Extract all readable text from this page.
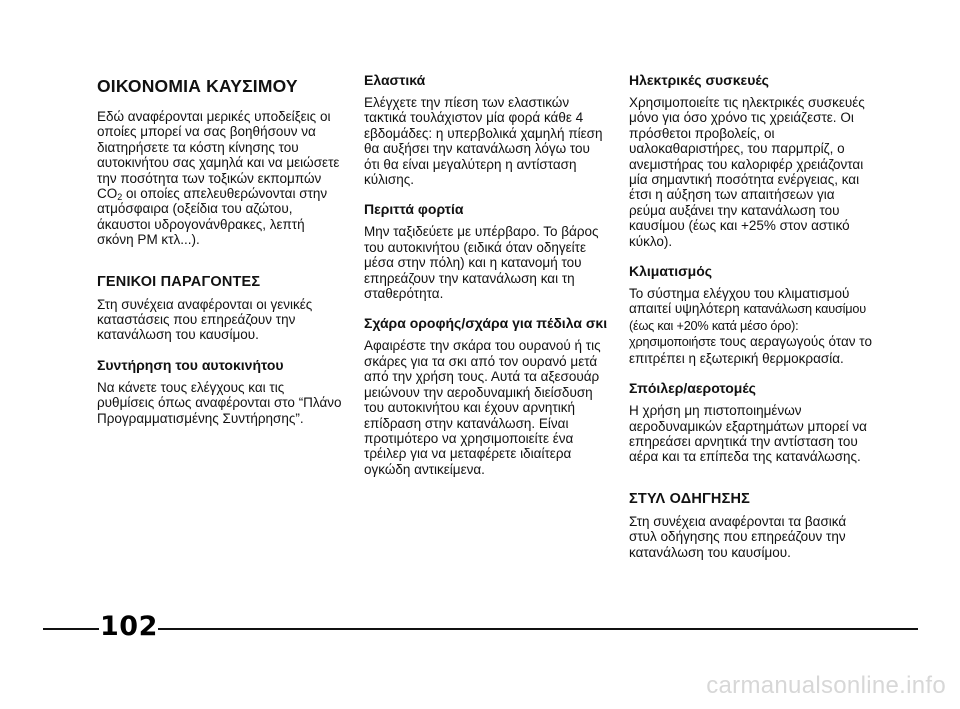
ΟΙΚΟΝΟΜΙΑ ΚΑΥΣΙΜΟΥ

Εδώ αναφέρονται μερικές υποδείξεις οι οποίες μπορεί να σας βοηθήσουν να διατηρήσετε τα κόστη κίνησης του αυτοκινήτου σας χαμηλά και να μειώσετε την ποσότητα των τοξικών εκπομπών $CO_2$ οι οποίες απελευθερώνονται στην ατμόσφαιρα (οξείδια του αζώτου, άκαυστοι υδρογονάνθρακες, λεπτή σκόνη PM κτλ...).

ΓΕΝΙΚΟΙ ΠΑΡΑΓΟΝΤΕΣ

Στη συνέχεια αναφέρονται οι γενικές καταστάσεις που επηρεάζουν την κατανάλωση του καυσίμου.

Συντήρηση του αυτοκινήτου

Να κάνετε τους ελέγχους και τις ρυθμίσεις όπως αναφέρονται στο “Πλάνο Προγραμματισμένης Συντήρησης”.

Ελαστικά

Ελέγχετε την πίεση των ελαστικών τακτικά τουλάχιστον μία φορά κάθε 4 εβδομάδες: η υπερβολικά χαμηλή πίεση θα αυξήσει την κατανάλωση λόγω του ότι θα είναι μεγαλύτερη η αντίσταση κύλισης.

Περιττά φορτία

Μην ταξιδεύετε με υπέρβαρο. Το βάρος του αυτοκινήτου (ειδικά όταν οδηγείτε μέσα στην πόλη) και η κατανομή του επηρεάζουν την κατανάλωση και τη σταθερότητα.

Σχάρα οροφής/σχάρα για πέδιλα σκι

Αφαιρέστε την σκάρα του ουρανού ή τις σκάρες για τα σκι από τον ουρανό μετά από την χρήση τους. Αυτά τα αξεσουάρ μειώνουν την αεροδυναμική διείσδυση του αυτοκινήτου και έχουν αρνητική επίδραση στην κατανάλωση. Είναι προτιμότερο να χρησιμοποιείτε ένα τρέιλερ για να μεταφέρετε ιδιαίτερα ογκώδη αντικείμενα.

Ηλεκτρικές συσκευές

Χρησιμοποιείτε τις ηλεκτρικές συσκευές μόνο για όσο χρόνο τις χρειάζεστε. Οι πρόσθετοι προβολείς, οι υαλοκαθαριστήρες, του παρμπρίζ, ο ανεμιστήρας του καλοριφέρ χρειάζονται μία σημαντική ποσότητα ενέργειας, και έτσι η αύξηση των απαιτήσεων για ρεύμα αυξάνει την κατανάλωση του καυσίμου (έως και +25% στον αστικό κύκλο).

Κλιματισμός

Το σύστημα ελέγχου του κλιματισμού απαιτεί υψηλότερη κατανάλωση καυσίμου (έως και +20% κατά μέσο όρο): χρησιμοποιήστε τους αεραγωγούς όταν το επιτρέπει η εξωτερική θερμοκρασία.

Σπόιλερ/αεροτομές

Η χρήση μη πιστοποιημένων αεροδυναμικών εξαρτημάτων μπορεί να επηρεάσει αρνητικά την αντίσταση του αέρα και τα επίπεδα της κατανάλωσης.

ΣΤΥΛ ΟΔΗΓΗΣΗΣ

Στη συνέχεια αναφέρονται τα βασικά στυλ οδήγησης που επηρεάζουν την κατανάλωση του καυσίμου.

102
carmanualsonline.info
